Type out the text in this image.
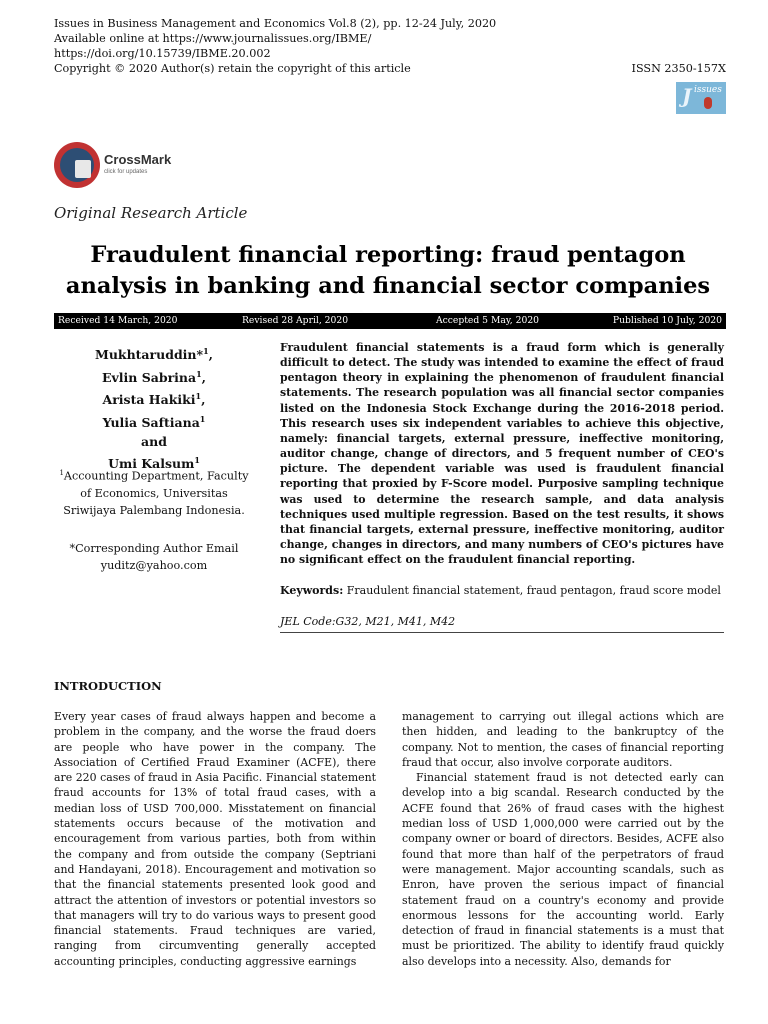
Issues in Business Management and Economics Vol.8 (2), pp. 12-24 July, 2020
Available online at https://www.journalissues.org/IBME/
https://doi.org/10.15739/IBME.20.002
Copyright © 2020 Author(s) retain the copyright of this article	ISSN 2350-157X
J issues
CrossMark
click for updates
Original Research Article
Fraudulent financial reporting: fraud pentagon analysis in banking and financial sector companies
Received 14 March, 2020	Revised 28 April, 2020	Accepted 5 May, 2020	Published 10 July, 2020
Mukhtaruddin*$^1$,
Evlin Sabrina$^1$,
Arista Hakiki$^1$,
Yulia Saftiana$^1$
and
Umi Kalsum$^1$
$^1$Accounting Department, Faculty of Economics, Universitas Sriwijaya Palembang Indonesia.
*Corresponding Author Email
yuditz@yahoo.com
Fraudulent financial statements is a fraud form which is generally difficult to detect. The study was intended to examine the effect of fraud pentagon theory in explaining the phenomenon of fraudulent financial statements. The research population was all financial sector companies listed on the Indonesia Stock Exchange during the 2016-2018 period. This research uses six independent variables to achieve this objective, namely: financial targets, external pressure, ineffective monitoring, auditor change, change of directors, and 5 frequent number of CEO's picture. The dependent variable was used is fraudulent financial reporting that proxied by F-Score model. Purposive sampling technique was used to determine the research sample, and data analysis techniques used multiple regression. Based on the test results, it shows that financial targets, external pressure, ineffective monitoring, auditor change, changes in directors, and many numbers of CEO's pictures have no significant effect on the fraudulent financial reporting.
Keywords: Fraudulent financial statement, fraud pentagon, fraud score model
JEL Code:G32, M21, M41, M42
INTRODUCTION

Every year cases of fraud always happen and become a problem in the company, and the worse the fraud doers are people who have power in the company. The Association of Certified Fraud Examiner (ACFE), there are 220 cases of fraud in Asia Pacific. Financial statement fraud accounts for 13% of total fraud cases, with a median loss of USD 700,000. Misstatement on financial statements occurs because of the motivation and encouragement from various parties, both from within the company and from outside the company (Septriani and Handayani, 2018). Encouragement and motivation so that the financial statements presented look good and attract the attention of investors or potential investors so that managers will try to do various ways to present good financial statements. Fraud techniques are varied, ranging from circumventing generally accepted accounting principles, conducting aggressive earnings

management to carrying out illegal actions which are then hidden, and leading to the bankruptcy of the company. Not to mention, the cases of financial reporting fraud that occur, also involve corporate auditors.

Financial statement fraud is not detected early can develop into a big scandal. Research conducted by the ACFE found that 26% of fraud cases with the highest median loss of USD 1,000,000 were carried out by the company owner or board of directors. Besides, ACFE also found that more than half of the perpetrators of fraud were management. Major accounting scandals, such as Enron, have proven the serious impact of financial statement fraud on a country's economy and provide enormous lessons for the accounting world. Early detection of fraud in financial statements is a must that must be prioritized. The ability to identify fraud quickly also develops into a necessity. Also, demands for
